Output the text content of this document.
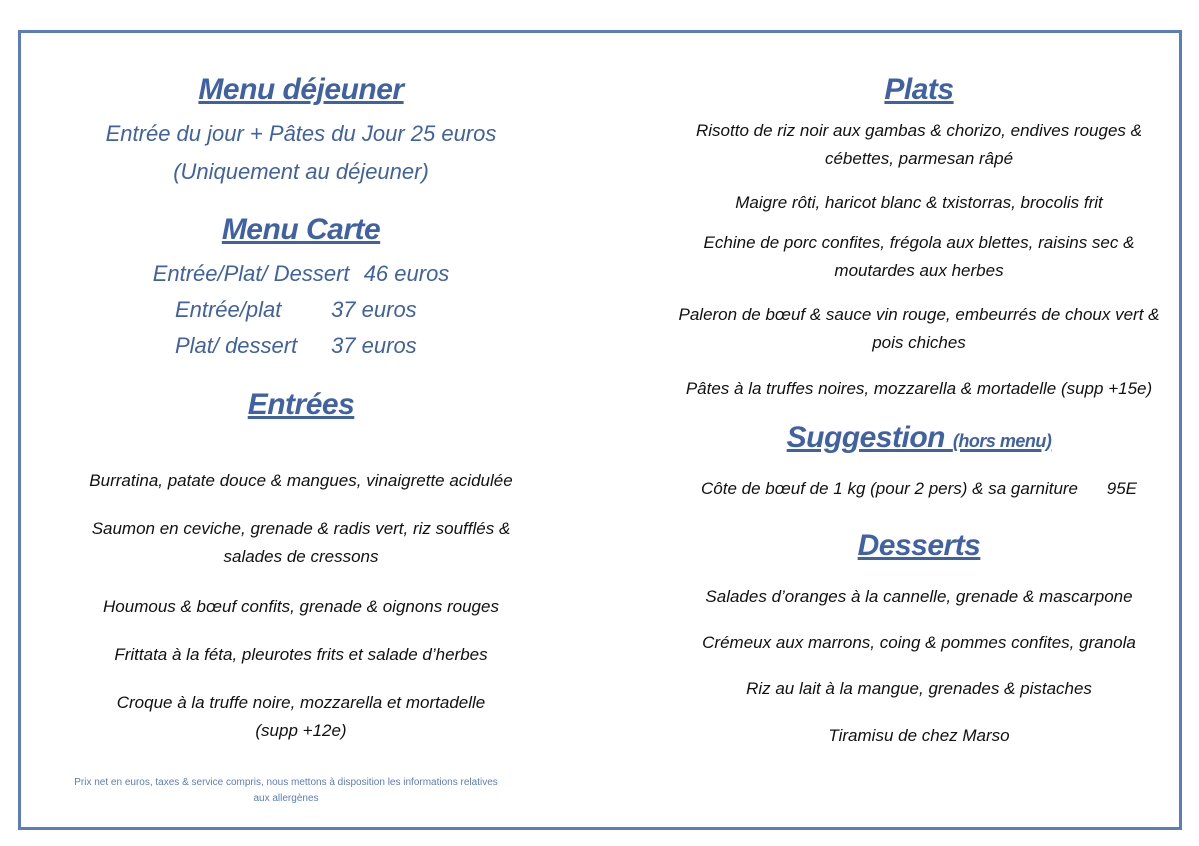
Menu déjeuner

Entrée du jour + Pâtes du Jour 25 euros

(Uniquement au déjeuner)

Menu Carte

Entrée/Plat/ Dessert 46 euros

Entrée/plat 37 euros

Plat/ dessert 37 euros

Entrées

Burratina, patate douce & mangues, vinaigrette acidulée

Saumon en ceviche, grenade & radis vert, riz soufflés &

salades de cressons

Houmous & bœuf confits, grenade & oignons rouges

Frittata à la féta, pleurotes frits et salade d’herbes

Croque à la truffe noire, mozzarella et mortadelle

(supp +12e)

Prix net en euros, taxes & service compris, nous mettons à disposition les informations relatives

aux allergènes

Plats

Risotto de riz noir aux gambas & chorizo, endives rouges &

cébettes, parmesan râpé

Maigre rôti, haricot blanc & txistorras, brocolis frit

Echine de porc confites, frégola aux blettes, raisins sec &

moutardes aux herbes

Paleron de bœuf & sauce vin rouge, embeurrés de choux vert &

pois chiches

Pâtes à la truffes noires, mozzarella & mortadelle (supp +15e)

Suggestion (hors menu)

Côte de bœuf de 1 kg (pour 2 pers) & sa garniture 95E

Desserts

Salades d’oranges à la cannelle, grenade & mascarpone

Crémeux aux marrons, coing & pommes confites, granola

Riz au lait à la mangue, grenades & pistaches

Tiramisu de chez Marso
